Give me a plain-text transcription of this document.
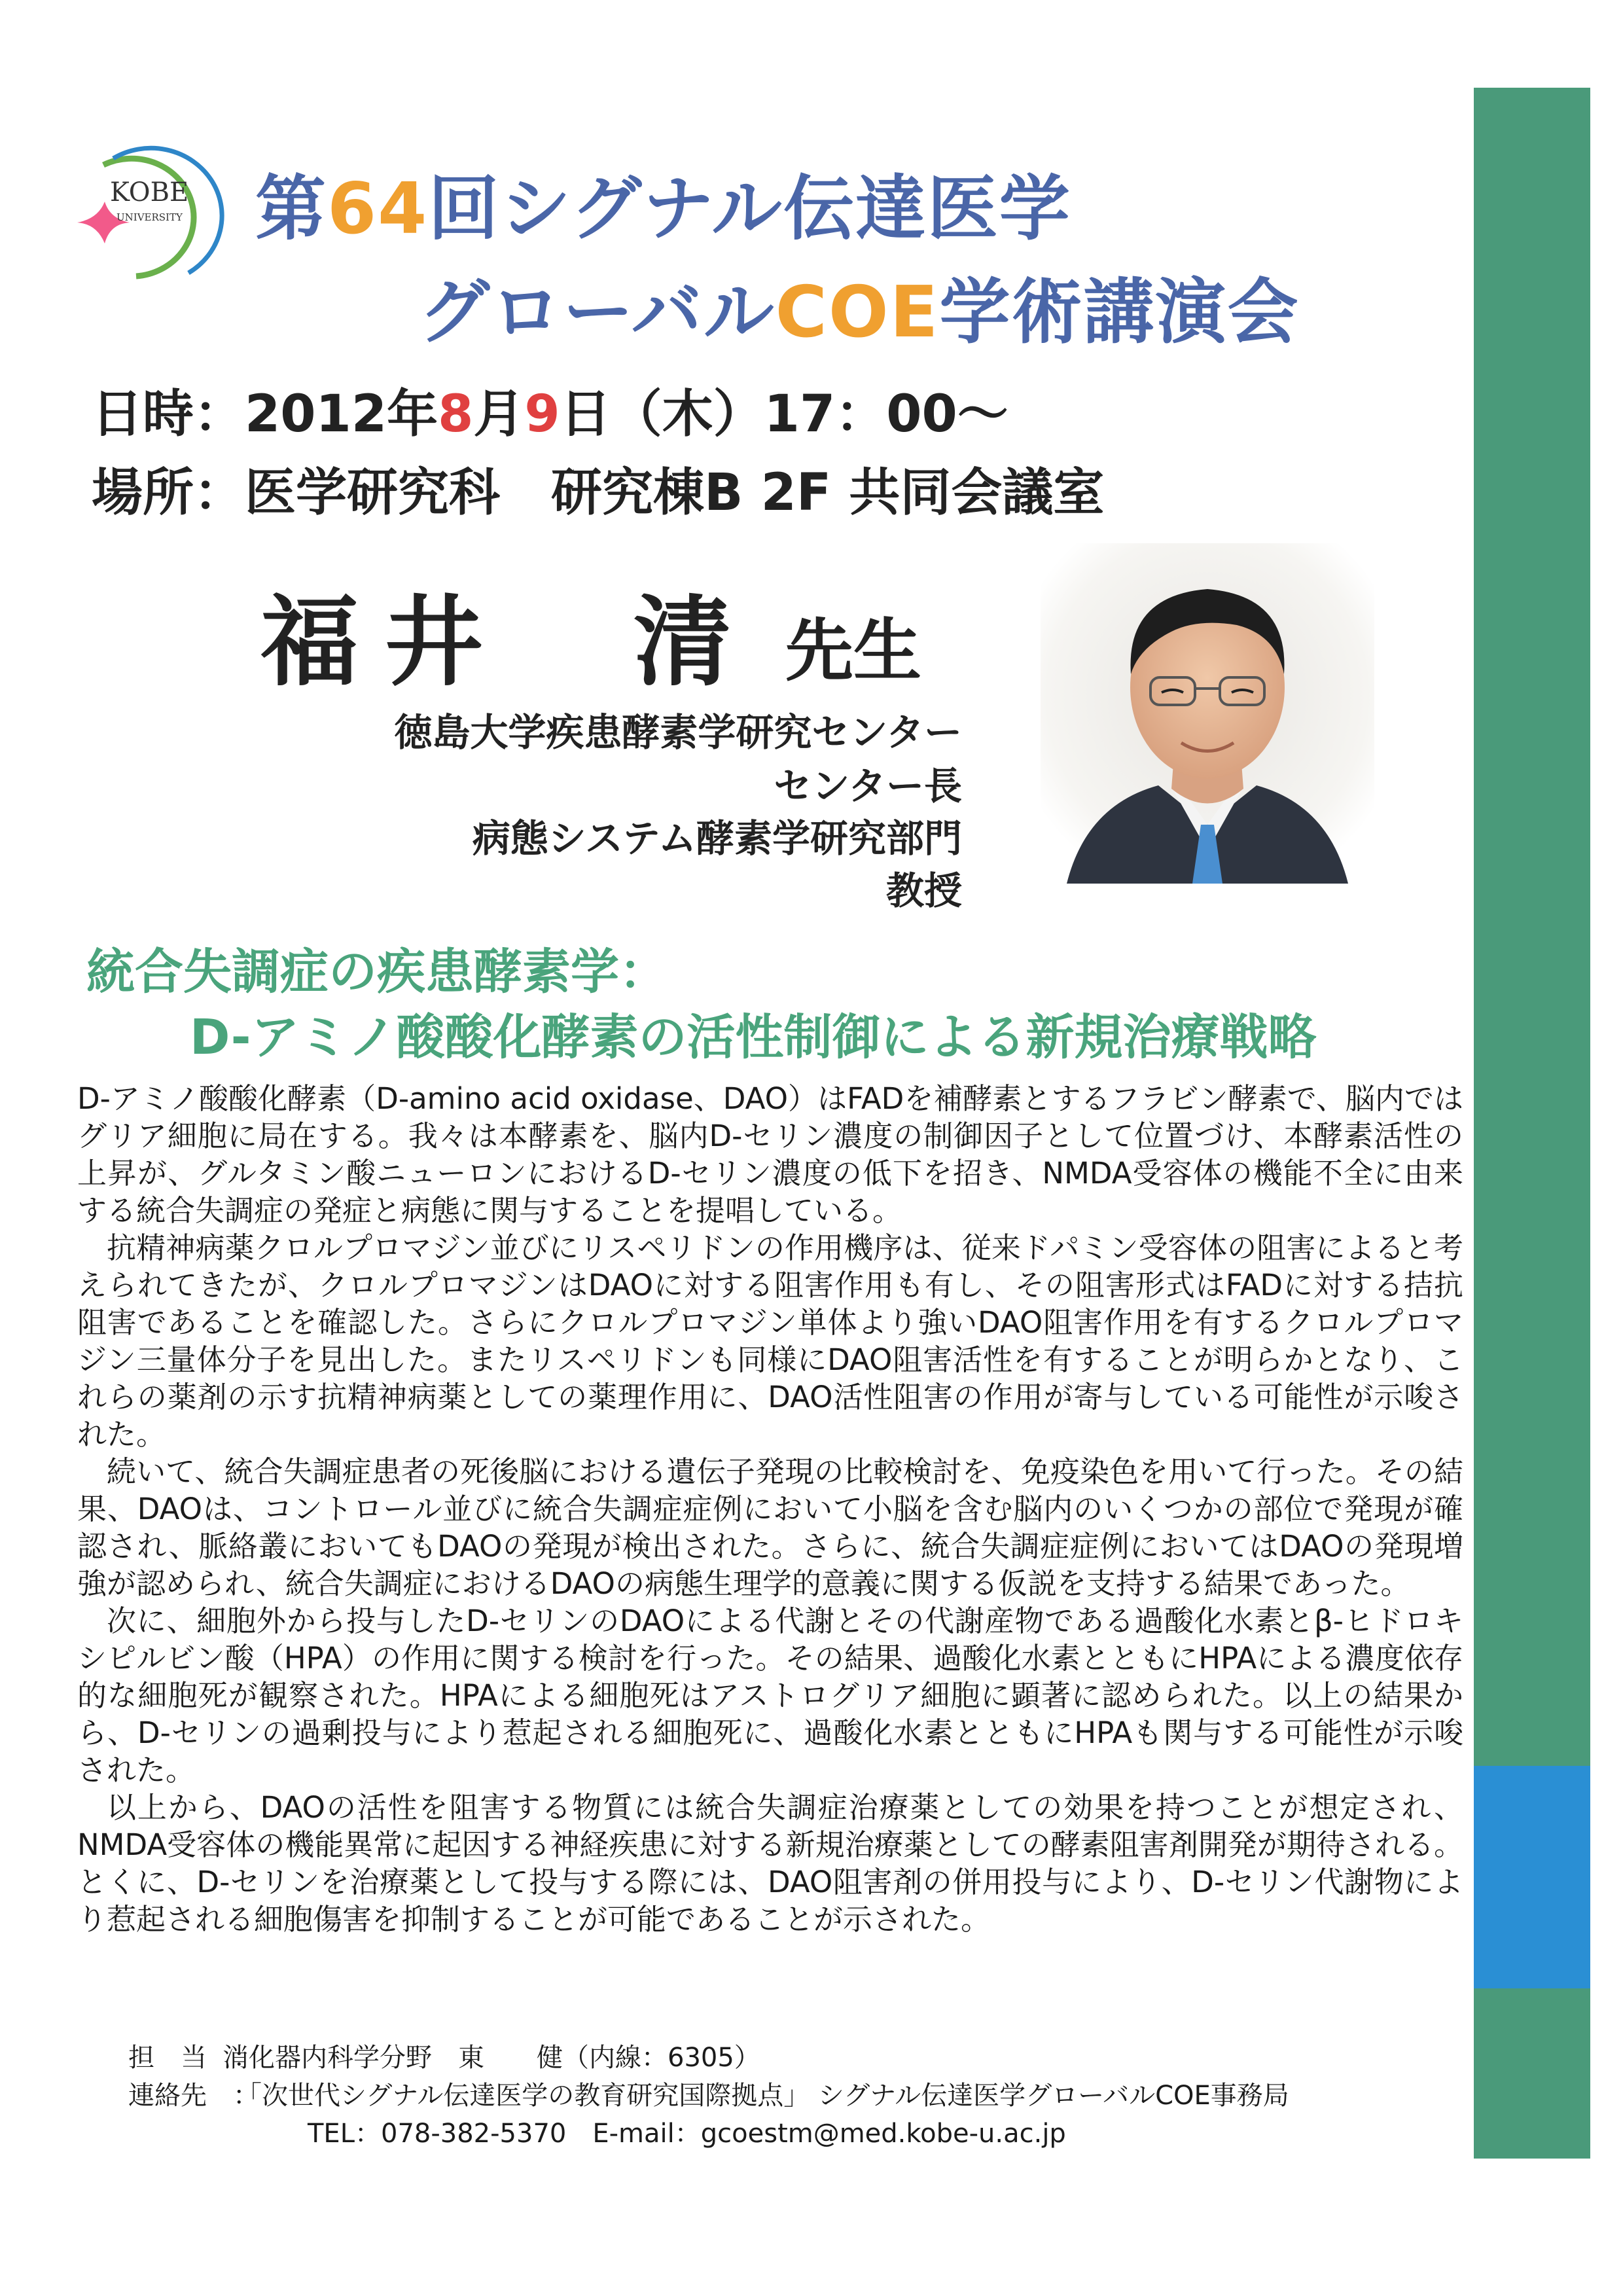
KOBE
UNIVERSITY 第64回シグナル伝達医学
グローバルCOE学術講演会
日時：2012年8月9日（木）17：00～
場所：医学研究科　研究棟B 2F 共同会議室
福井　清 先生
徳島大学疾患酵素学研究センター
センター長
病態システム酵素学研究部門
教授
統合失調症の疾患酵素学：
D-アミノ酸酸化酵素の活性制御による新規治療戦略

D-アミノ酸酸化酵素（D-amino acid oxidase、DAO）はFADを補酵素とするフラビン酵素で、脳内ではグリア細胞に局在する。我々は本酵素を、脳内D-セリン濃度の制御因子として位置づけ、本酵素活性の上昇が、グルタミン酸ニューロンにおけるD-セリン濃度の低下を招き、NMDA受容体の機能不全に由来する統合失調症の発症と病態に関与することを提唱している。

抗精神病薬クロルプロマジン並びにリスペリドンの作用機序は、従来ドパミン受容体の阻害によると考えられてきたが、クロルプロマジンはDAOに対する阻害作用も有し、その阻害形式はFADに対する拮抗阻害であることを確認した。さらにクロルプロマジン単体より強いDAO阻害作用を有するクロルプロマジン三量体分子を見出した。またリスペリドンも同様にDAO阻害活性を有することが明らかとなり、これらの薬剤の示す抗精神病薬としての薬理作用に、DAO活性阻害の作用が寄与している可能性が示唆された。

続いて、統合失調症患者の死後脳における遺伝子発現の比較検討を、免疫染色を用いて行った。その結果、DAOは、コントロール並びに統合失調症症例において小脳を含む脳内のいくつかの部位で発現が確認され、脈絡叢においてもDAOの発現が検出された。さらに、統合失調症症例においてはDAOの発現増強が認められ、統合失調症におけるDAOの病態生理学的意義に関する仮説を支持する結果であった。

次に、細胞外から投与したD-セリンのDAOによる代謝とその代謝産物である過酸化水素とβ-ヒドロキシピルビン酸（HPA）の作用に関する検討を行った。その結果、過酸化水素とともにHPAによる濃度依存的な細胞死が観察された。HPAによる細胞死はアストログリア細胞に顕著に認められた。以上の結果から、D-セリンの過剰投与により惹起される細胞死に、過酸化水素とともにHPAも関与する可能性が示唆された。

以上から、DAOの活性を阻害する物質には統合失調症治療薬としての効果を持つことが想定され、NMDA受容体の機能異常に起因する神経疾患に対する新規治療薬としての酵素阻害剤開発が期待される。とくに、D-セリンを治療薬として投与する際には、DAO阻害剤の併用投与により、D-セリン代謝物により惹起される細胞傷害を抑制することが可能であることが示された。

担　当　：
消化器内科学分野　東　　健（内線：6305）
連絡先　：
「次世代シグナル伝達医学の教育研究国際拠点」 シグナル伝達医学グローバルCOE事務局
TEL：078-382-5370　E-mail：gcoestm@med.kobe-u.ac.jp
